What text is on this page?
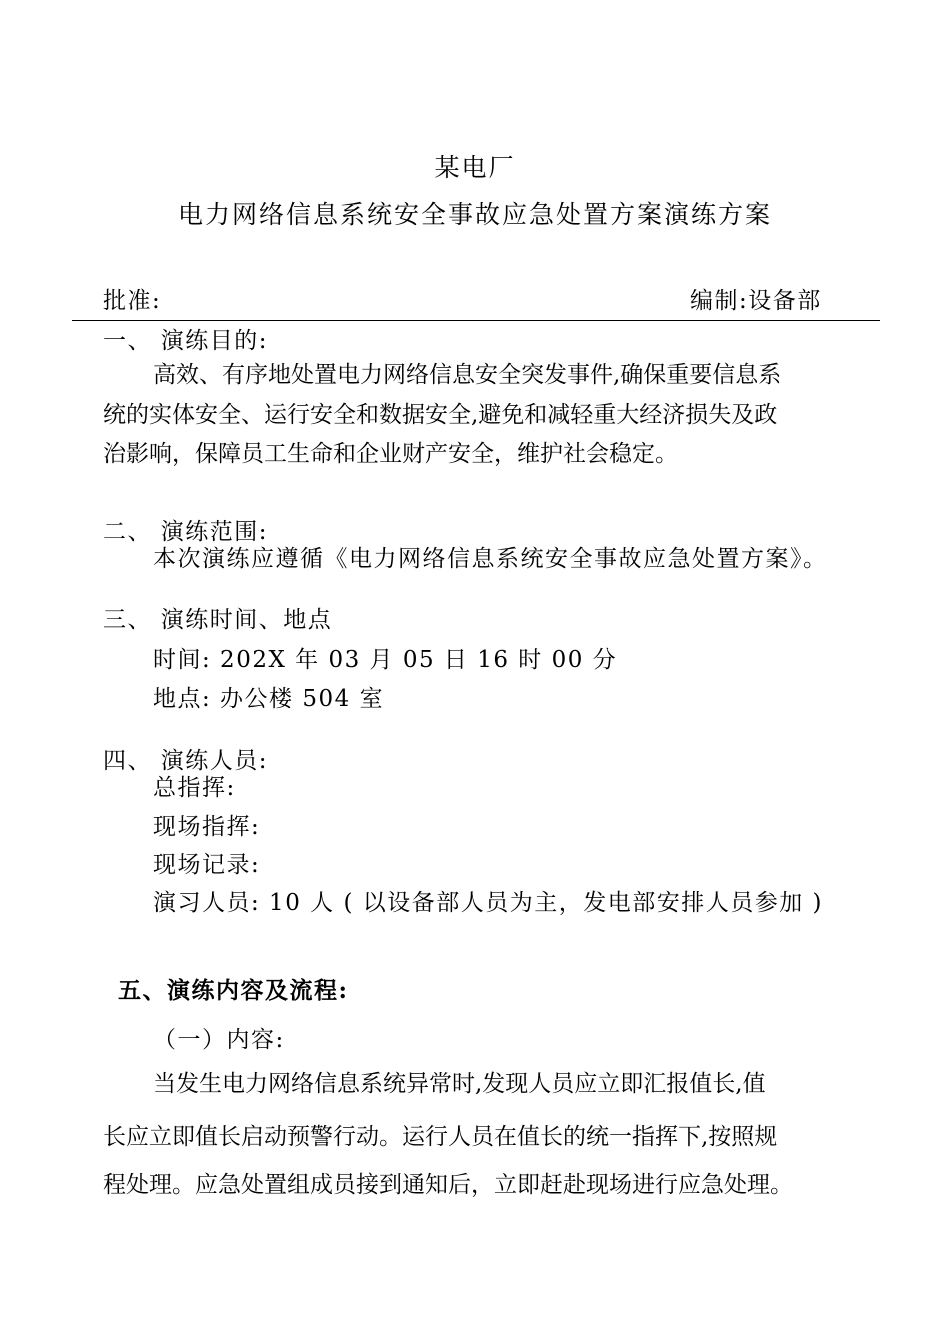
某电厂
电力网络信息系统安全事故应急处置方案演练方案
批准:	编制:设备部
一、 演练目的:
高效、有序地处置电力网络信息安全突发事件,确保重要信息系
统的实体安全、运行安全和数据安全,避免和减轻重大经济损失及政
治影响，保障员工生命和企业财产安全，维护社会稳定。
二、 演练范围:
本次演练应遵循《电力网络信息系统安全事故应急处置方案》。
三、 演练时间、地点
时间: 202X 年 03 月 05 日 16 时 00 分
地点: 办公楼 504 室
四、 演练人员:
总指挥:
现场指挥:
现场记录:
演习人员: 10 人 ( 以设备部人员为主，发电部安排人员参加 )
五、演练内容及流程:
（一）内容:
当发生电力网络信息系统异常时,发现人员应立即汇报值长,值
长应立即值长启动预警行动。运行人员在值长的统一指挥下,按照规
程处理。应急处置组成员接到通知后，立即赶赴现场进行应急处理。
